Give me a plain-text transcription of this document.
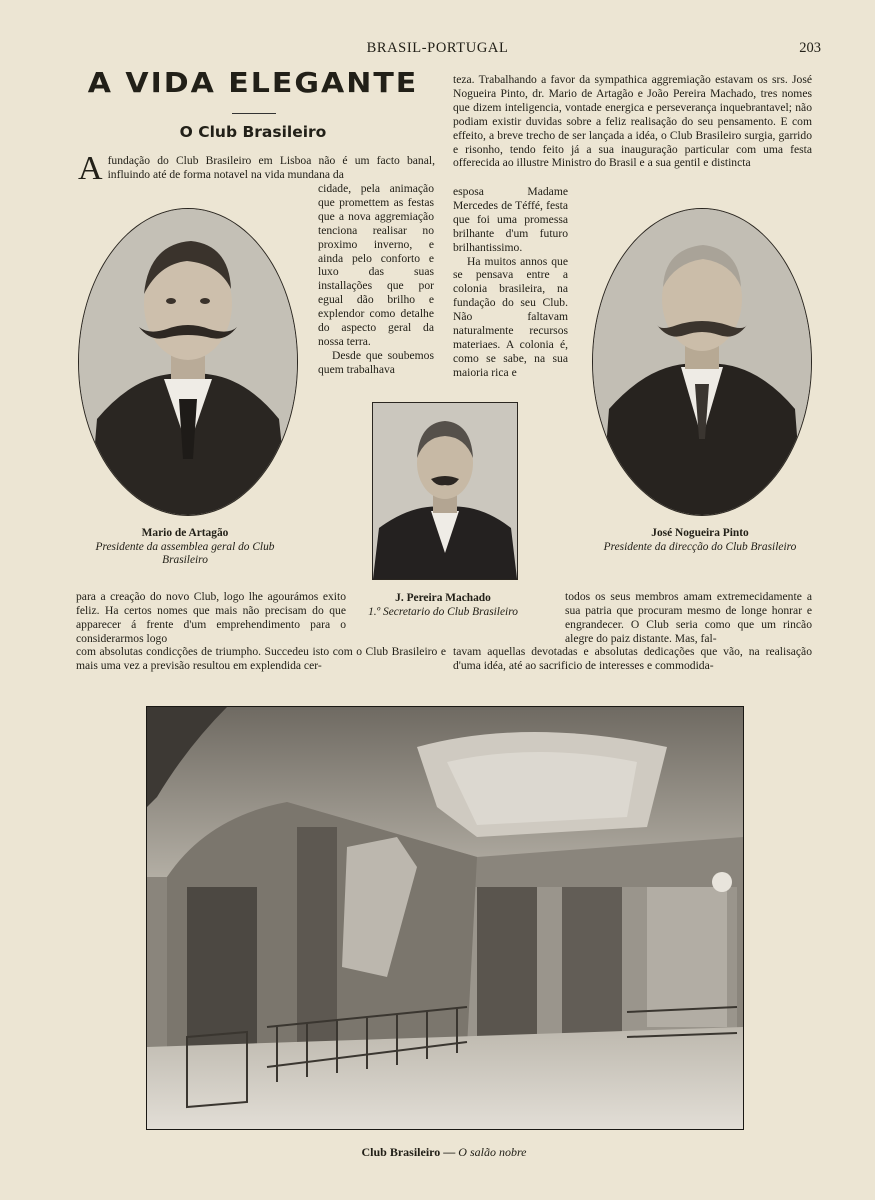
BRASIL-PORTUGAL	203
A VIDA ELEGANTE
O Club Brasileiro
A fundação do Club Brasileiro em Lisboa não é um facto banal, influindo até de forma notavel na vida mundana da
cidade, pela animação que promettem as festas que a nova aggremiação tenciona realisar no proximo inverno, e ainda pelo conforto e luxo das suas installações que por egual dão brilho e explendor como detalhe do aspecto geral da nossa terra.
Desde que soubemos quem trabalhava
teza. Trabalhando a favor da sympathica aggremiação estavam os srs. José Nogueira Pinto, dr. Mario de Artagão e João Pereira Machado, tres nomes que dizem inteligencia, vontade energica e perseverança inquebrantavel; não podiam existir duvidas sobre a feliz realisação do seu pensamento. E com effeito, a breve trecho de ser lançada a idéa, o Club Brasileiro surgia, garrido e risonho, tendo feito já a sua inauguração particular com uma festa offerecida ao illustre Ministro do Brasil e a sua gentil e distincta
esposa Madame Mercedes de Téffé, festa que foi uma promessa brilhante d'um futuro brilhantissimo.
Ha muitos annos que se pensava entre a colonia brasileira, na fundação do seu Club. Não faltavam naturalmente recursos materiaes. A colonia é, como se sabe, na sua maioria rica e
Mario de Artagão
Presidente da assemblea geral do Club Brasileiro
J. Pereira Machado
1.º Secretario do Club Brasileiro
José Nogueira Pinto
Presidente da direcção do Club Brasileiro
para a creação do novo Club, logo lhe agourámos exito feliz. Ha certos nomes que mais não precisam do que apparecer á frente d'um emprehendimento para o considerarmos logo
com absolutas condicções de triumpho. Succedeu isto com o Club Brasileiro e mais uma vez a previsão resultou em explendida cer-
todos os seus membros amam extremecidamente a sua patria que procuram mesmo de longe honrar e engrandecer. O Club seria como que um rincão alegre do paiz distante. Mas, fal-
tavam aquellas devotadas e absolutas dedicações que vão, na realisação d'uma idéa, até ao sacrificio de interesses e commodida-
Club Brasileiro — O salão nobre
